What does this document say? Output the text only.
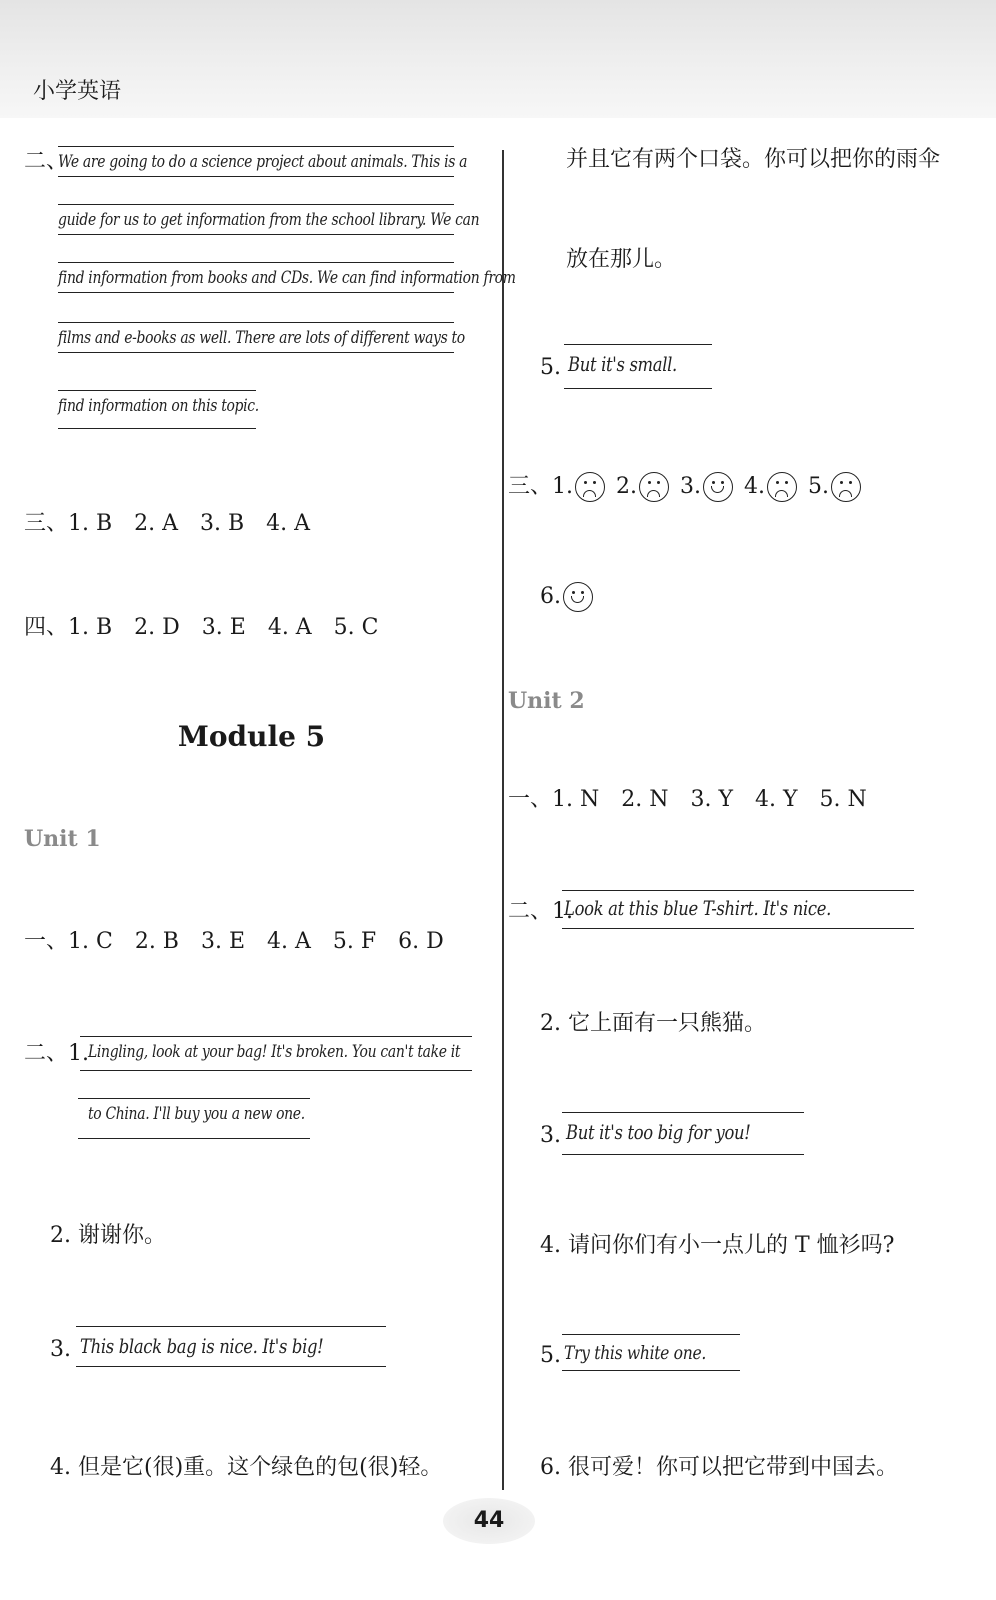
小学英语
二、
We are going to do a science project about animals. This is a
guide for us to get information from the school library. We can
find information from books and CDs. We can find information from
films and e-books as well. There are lots of different ways to
find information on this topic.
三、1. B　2. A　3. B　4. A
四、1. B　2. D　3. E　4. A　5. C
Module 5
Unit 1
一、1. C　2. B　3. E　4. A　5. F　6. D
二、1. Lingling, look at your bag! It's broken. You can't take it
to China. I'll buy you a new one.
2. 谢谢你。
3. This black bag is nice. It's big!
4. 但是它(很)重。这个绿色的包(很)轻。
并且它有两个口袋。你可以把你的雨伞
放在那儿。
5. But it's small.
三、1. 2. 3. 4. 5.
6.
Unit 2
一、1. N　2. N　3. Y　4. Y　5. N
二、1.
Look at this blue T-shirt. It's nice.
2. 它上面有一只熊猫。
3. But it's too big for you!
4. 请问你们有小一点儿的 T 恤衫吗?
5. Try this white one.
6. 很可爱！你可以把它带到中国去。
44
